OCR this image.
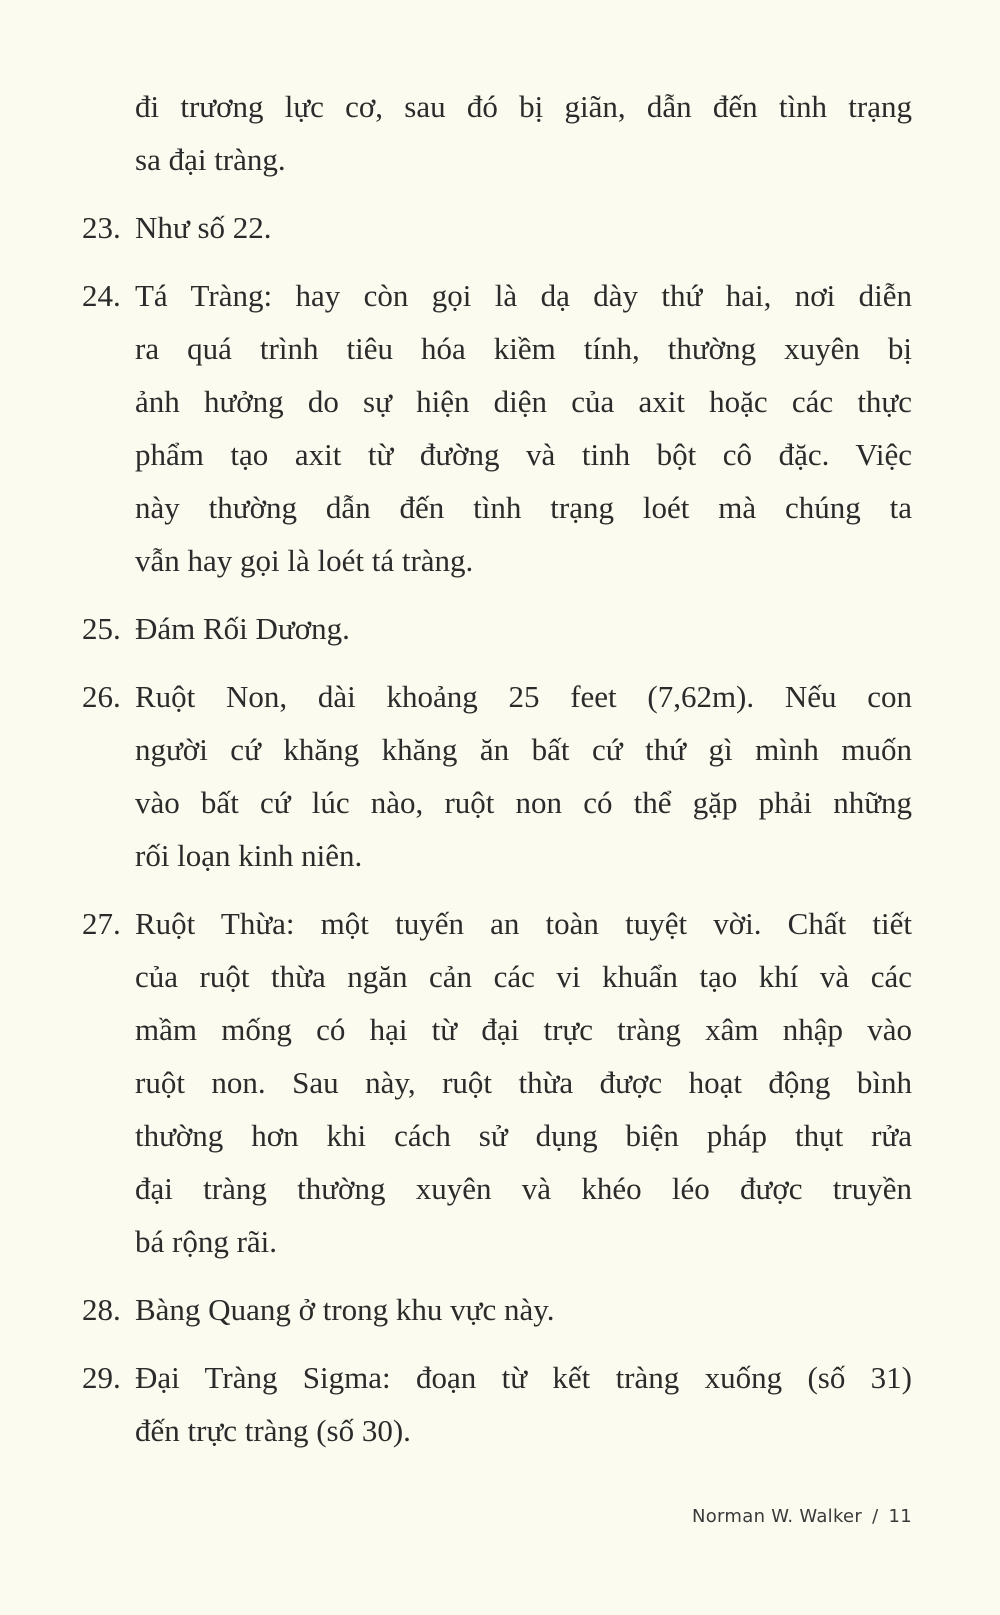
đi trương lực cơ, sau đó bị giãn, dẫn đến tình trạng
sa đại tràng.
23. Như số 22.
24. Tá Tràng: hay còn gọi là dạ dày thứ hai, nơi diễn
ra quá trình tiêu hóa kiềm tính, thường xuyên bị
ảnh hưởng do sự hiện diện của axit hoặc các thực
phẩm tạo axit từ đường và tinh bột cô đặc. Việc
này thường dẫn đến tình trạng loét mà chúng ta
vẫn hay gọi là loét tá tràng.
25. Đám Rối Dương.
26. Ruột Non, dài khoảng 25 feet (7,62m). Nếu con
người cứ khăng khăng ăn bất cứ thứ gì mình muốn
vào bất cứ lúc nào, ruột non có thể gặp phải những
rối loạn kinh niên.
27. Ruột Thừa: một tuyến an toàn tuyệt vời. Chất tiết
của ruột thừa ngăn cản các vi khuẩn tạo khí và các
mầm mống có hại từ đại trực tràng xâm nhập vào
ruột non. Sau này, ruột thừa được hoạt động bình
thường hơn khi cách sử dụng biện pháp thụt rửa
đại tràng thường xuyên và khéo léo được truyền
bá rộng rãi.
28. Bàng Quang ở trong khu vực này.
29. Đại Tràng Sigma: đoạn từ kết tràng xuống (số 31)
đến trực tràng (số 30).
Norman W. Walker / 11
